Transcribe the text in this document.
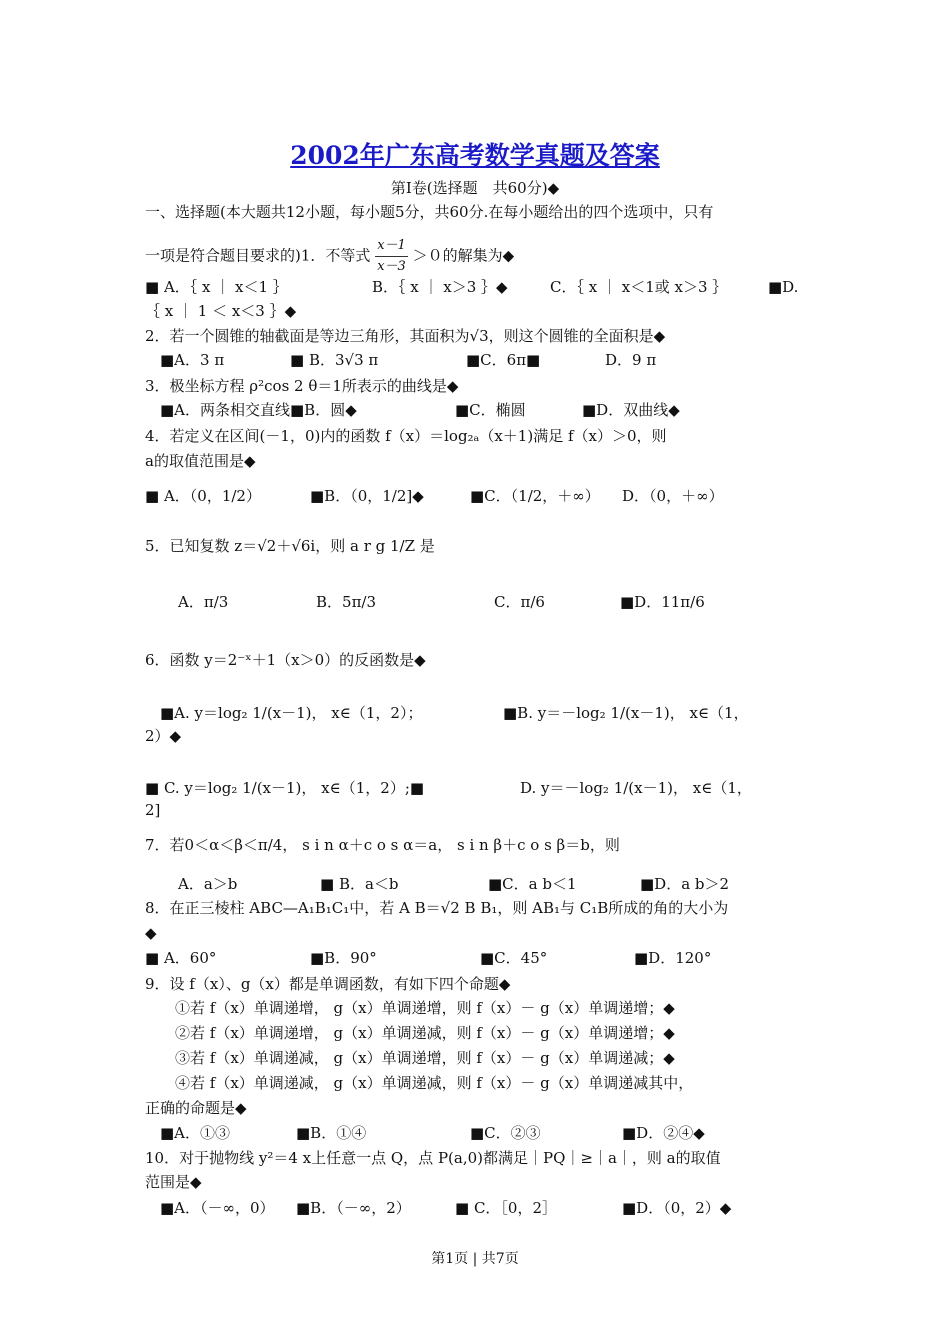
2002年广东高考数学真题及答案
第Ⅰ卷(选择题　共60分)◆
一、选择题(本大题共12小题，每小题5分，共60分.在每小题给出的四个选项中，只有
一项是符合题目要求的)1．不等式 $\frac{x-1}{x-3} >0$的解集为◆
■ A．｛ x ｜ x＜1 ｝	B．｛ x ｜ x＞3 ｝◆	C．｛ x ｜ x＜1或 x＞3 ｝	■D.
｛ x ｜ 1 ＜ x＜3 ｝◆
2．若一个圆锥的轴截面是等边三角形，其面积为√3，则这个圆锥的全面积是◆
■A．3 π	■ B．3√3 π	■C．6π■	D．9 π
3．极坐标方程 ρ²cos 2 θ＝1所表示的曲线是◆
■A．两条相交直线■B．圆◆	■C．椭圆	■D．双曲线◆
4．若定义在区间(－1，0)内的函数 f（x）＝log₂ₐ（x＋1)满足 f（x）＞0，则
a的取值范围是◆
■ A．（0，1/2）	■B．（0，1/2]◆	■C．（1/2，＋∞） D．（0，＋∞）
5．已知复数 z＝√2＋√6i，则 a r g 1/Z 是
A．π/3	B．5π/3	C．π/6	■D．11π/6
6．函数 y＝2⁻ˣ＋1（x＞0）的反函数是◆
■A. y＝log₂ 1/(x－1)， x∈（1，2）；	■B. y＝－log₂ 1/(x－1)， x∈（1，
2）◆
■ C. y＝log₂ 1/(x－1)， x∈（1，2）;■	D. y＝－log₂ 1/(x－1)， x∈（1，
2]
7．若0＜α＜β＜π/4， s i n α＋c o s α＝a， s i n β＋c o s β＝b，则
A．a＞b	■ B．a＜b	■C．a b＜1	■D．a b＞2
8．在正三棱柱 ABC—A₁B₁C₁中，若 A B＝√2 B B₁，则 AB₁与 C₁B所成的角的大小为
◆
■ A．60°	■B．90°	■C．45°	■D．120°
9．设 f（x）、g（x）都是单调函数，有如下四个命题◆
①若 f（x）单调递增， g（x）单调递增，则 f（x）－ g（x）单调递增；◆
②若 f（x）单调递增， g（x）单调递减，则 f（x）－ g（x）单调递增；◆
③若 f（x）单调递减， g（x）单调递增，则 f（x）－ g（x）单调递减；◆
④若 f（x）单调递减， g（x）单调递减，则 f（x）－ g（x）单调递减其中，
正确的命题是◆
■A．①③	■B．①④	■C．②③	■D．②④◆
10．对于抛物线 y²＝4 x上任意一点 Q，点 P(a,0)都满足｜PQ｜≥｜a｜，则 a的取值
范围是◆
■A．（－∞，0） ■B．（－∞，2）	■ C．［0，2］	■D．（0，2）◆
第1页 | 共7页
